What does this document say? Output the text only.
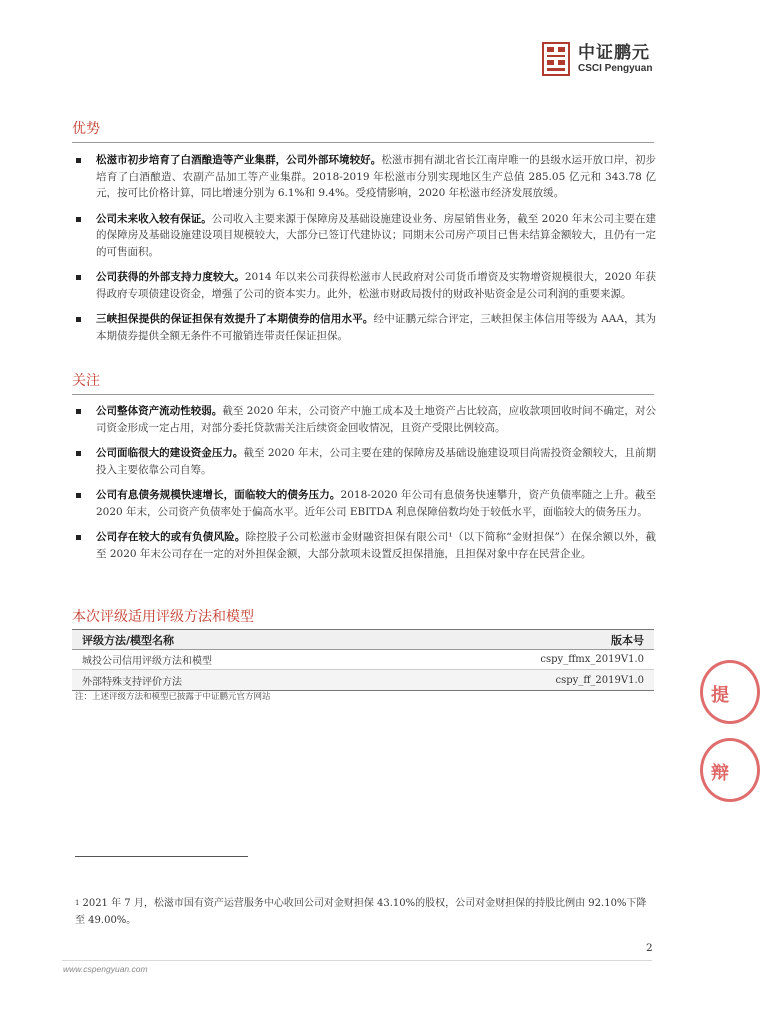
中证鹏元
CSCI Pengyuan
优势
松滋市初步培育了白酒酿造等产业集群，公司外部环境较好。松滋市拥有湖北省长江南岸唯一的县级水运开放口岸，初步培育了白酒酿造、农副产品加工等产业集群。2018-2019 年松滋市分别实现地区生产总值 285.05 亿元和 343.78 亿元，按可比价格计算，同比增速分别为 6.1%和 9.4%。受疫情影响，2020 年松滋市经济发展放缓。
公司未来收入较有保证。公司收入主要来源于保障房及基础设施建设业务、房屋销售业务，截至 2020 年末公司主要在建的保障房及基础设施建设项目规模较大，大部分已签订代建协议；同期末公司房产项目已售未结算金额较大，且仍有一定的可售面积。
公司获得的外部支持力度较大。2014 年以来公司获得松滋市人民政府对公司货币增资及实物增资规模很大，2020 年获得政府专项债建设资金，增强了公司的资本实力。此外，松滋市财政局拨付的财政补贴资金是公司利润的重要来源。
三峡担保提供的保证担保有效提升了本期债券的信用水平。经中证鹏元综合评定，三峡担保主体信用等级为 AAA，其为本期债券提供全额无条件不可撤销连带责任保证担保。
关注
公司整体资产流动性较弱。截至 2020 年末，公司资产中施工成本及土地资产占比较高，应收款项回收时间不确定，对公司资金形成一定占用，对部分委托贷款需关注后续资金回收情况，且资产受限比例较高。
公司面临很大的建设资金压力。截至 2020 年末，公司主要在建的保障房及基础设施建设项目尚需投资金额较大，且前期投入主要依靠公司自筹。
公司有息债务规模快速增长，面临较大的债务压力。2018-2020 年公司有息债务快速攀升，资产负债率随之上升。截至 2020 年末，公司资产负债率处于偏高水平。近年公司 EBITDA 利息保障倍数均处于较低水平，面临较大的债务压力。
公司存在较大的或有负债风险。除控股子公司松滋市金财融资担保有限公司¹（以下简称“金财担保”）在保余额以外，截至 2020 年末公司存在一定的对外担保金额，大部分款项未设置反担保措施，且担保对象中存在民营企业。
本次评级适用评级方法和模型
评级方法/模型名称	版本号
城投公司信用评级方法和模型	cspy_ffmx_2019V1.0
外部特殊支持评价方法	cspy_ff_2019V1.0
注：上述评级方法和模型已披露于中证鹏元官方网站	提
辩
$^1$ 2021 年 7 月，松滋市国有资产运营服务中心收回公司对金财担保 43.10%的股权，公司对金财担保的持股比例由 92.10%下降至 49.00%。
2
www.cspengyuan.com
